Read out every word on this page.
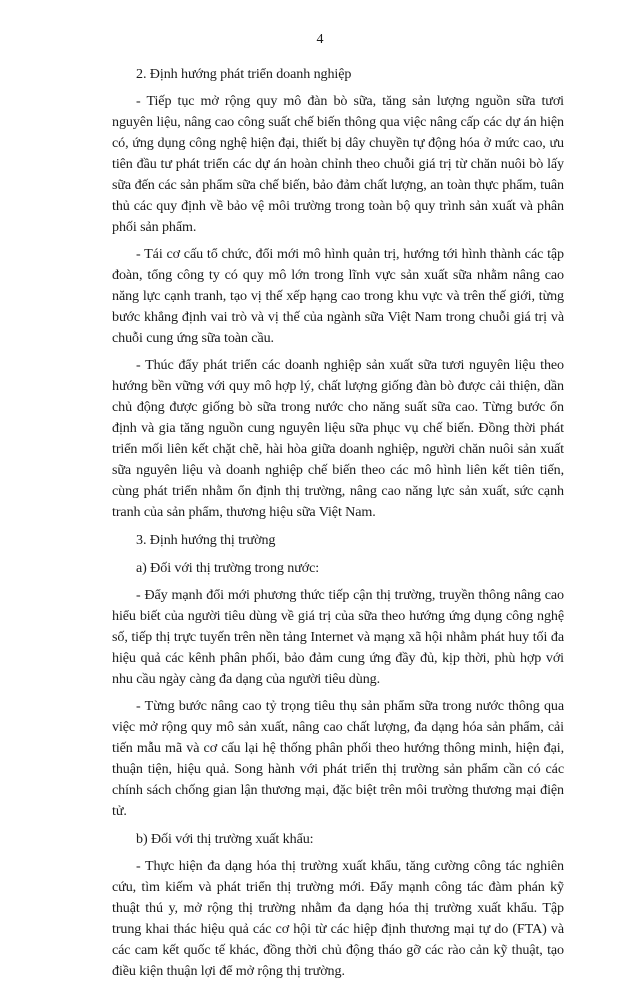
4

2. Định hướng phát triển doanh nghiệp

- Tiếp tục mở rộng quy mô đàn bò sữa, tăng sản lượng nguồn sữa tươi nguyên liệu, nâng cao công suất chế biến thông qua việc nâng cấp các dự án hiện có, ứng dụng công nghệ hiện đại, thiết bị dây chuyền tự động hóa ở mức cao, ưu tiên đầu tư phát triển các dự án hoàn chỉnh theo chuỗi giá trị từ chăn nuôi bò lấy sữa đến các sản phẩm sữa chế biến, bảo đảm chất lượng, an toàn thực phẩm, tuân thủ các quy định về bảo vệ môi trường trong toàn bộ quy trình sản xuất và phân phối sản phẩm.

- Tái cơ cấu tổ chức, đổi mới mô hình quản trị, hướng tới hình thành các tập đoàn, tổng công ty có quy mô lớn trong lĩnh vực sản xuất sữa nhằm nâng cao năng lực cạnh tranh, tạo vị thế xếp hạng cao trong khu vực và trên thế giới, từng bước khẳng định vai trò và vị thế của ngành sữa Việt Nam trong chuỗi giá trị và chuỗi cung ứng sữa toàn cầu.

- Thúc đẩy phát triển các doanh nghiệp sản xuất sữa tươi nguyên liệu theo hướng bền vững với quy mô hợp lý, chất lượng giống đàn bò được cải thiện, dần chủ động được giống bò sữa trong nước cho năng suất sữa cao. Từng bước ổn định và gia tăng nguồn cung nguyên liệu sữa phục vụ chế biến. Đồng thời phát triển mối liên kết chặt chẽ, hài hòa giữa doanh nghiệp, người chăn nuôi sản xuất sữa nguyên liệu và doanh nghiệp chế biến theo các mô hình liên kết tiên tiến, cùng phát triển nhằm ổn định thị trường, nâng cao năng lực sản xuất, sức cạnh tranh của sản phẩm, thương hiệu sữa Việt Nam.

3. Định hướng thị trường

a) Đối với thị trường trong nước:

- Đẩy mạnh đổi mới phương thức tiếp cận thị trường, truyền thông nâng cao hiểu biết của người tiêu dùng về giá trị của sữa theo hướng ứng dụng công nghệ số, tiếp thị trực tuyến trên nền tảng Internet và mạng xã hội nhằm phát huy tối đa hiệu quả các kênh phân phối, bảo đảm cung ứng đầy đủ, kịp thời, phù hợp với nhu cầu ngày càng đa dạng của người tiêu dùng.

- Từng bước nâng cao tỷ trọng tiêu thụ sản phẩm sữa trong nước thông qua việc mở rộng quy mô sản xuất, nâng cao chất lượng, đa dạng hóa sản phẩm, cải tiến mẫu mã và cơ cấu lại hệ thống phân phối theo hướng thông minh, hiện đại, thuận tiện, hiệu quả. Song hành với phát triển thị trường sản phẩm cần có các chính sách chống gian lận thương mại, đặc biệt trên môi trường thương mại điện tử.

b) Đối với thị trường xuất khẩu:

- Thực hiện đa dạng hóa thị trường xuất khẩu, tăng cường công tác nghiên cứu, tìm kiếm và phát triển thị trường mới. Đẩy mạnh công tác đàm phán kỹ thuật thú y, mở rộng thị trường nhằm đa dạng hóa thị trường xuất khẩu. Tập trung khai thác hiệu quả các cơ hội từ các hiệp định thương mại tự do (FTA) và các cam kết quốc tế khác, đồng thời chủ động tháo gỡ các rào cản kỹ thuật, tạo điều kiện thuận lợi để mở rộng thị trường.
